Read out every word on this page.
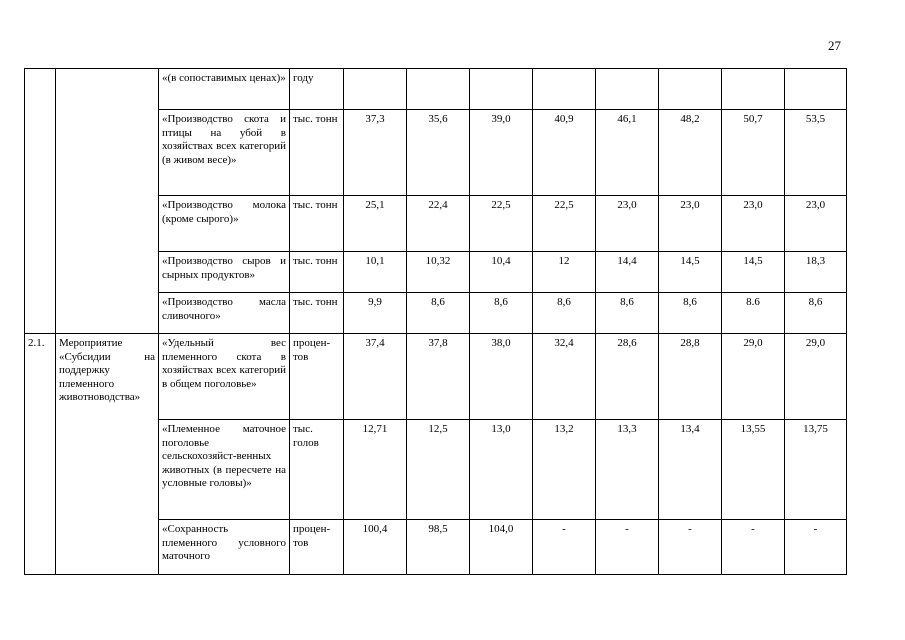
27
		«(в сопоставимых ценах)»	году								
		«Производство скота и птицы на убой в хозяйствах всех категорий (в живом весе)»	тыс. тонн	37,3	35,6	39,0	40,9	46,1	48,2	50,7	53,5
		«Производство молока (кроме сырого)»	тыс. тонн	25,1	22,4	22,5	22,5	23,0	23,0	23,0	23,0
		«Производство сыров и сырных продуктов»	тыс. тонн	10,1	10,32	10,4	12	14,4	14,5	14,5	18,3
		«Производство масла сливочного»	тыс. тонн	9,9	8,6	8,6	8,6	8,6	8,6	8.6	8,6
2.1.	Мероприятие «Субсидии на поддержку племенного животноводства»	«Удельный вес племенного скота в хозяйствах всех категорий в общем поголовье»	процен-тов	37,4	37,8	38,0	32,4	28,6	28,8	29,0	29,0
		«Племенное маточное поголовье сельскохозяйст-венных животных (в пересчете на условные головы)»	тыс. голов	12,71	12,5	13,0	13,2	13,3	13,4	13,55	13,75
		«Сохранность племенного условного маточного	процен-тов	100,4	98,5	104,0	-	-	-	-	-
